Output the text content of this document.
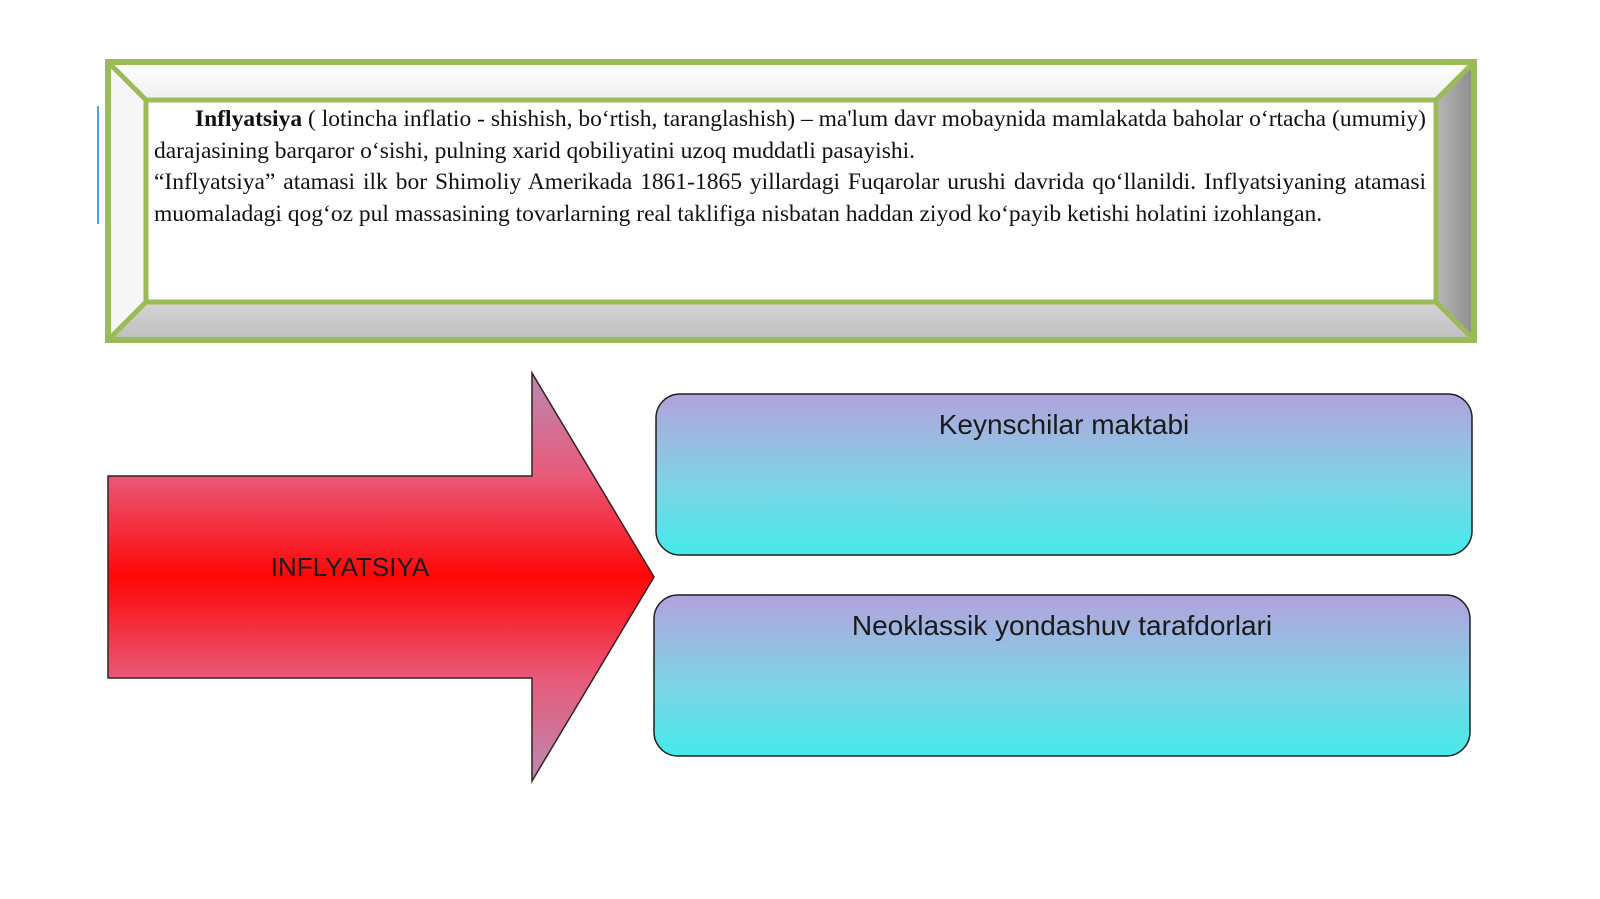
Inflyatsiya ( lotincha inflatio - shishish, bo‘rtish, taranglashish) – ma'lum davr mobaynida mamlakatda baholar o‘rtacha (umumiy) darajasining barqaror o‘sishi, pulning xarid qobiliyatini uzoq muddatli pasayishi.

“Inflyatsiya” atamasi ilk bor Shimoliy Amerikada 1861-1865 yillardagi Fuqarolar urushi davrida qo‘llanildi. Inflyatsiyaning atamasi muomaladagi qog‘oz pul massasining tovarlarning real taklifiga nisbatan haddan ziyod ko‘payib ketishi holatini izohlangan.

INFLYATSIYA
Keynschilar maktabi
Neoklassik yondashuv tarafdorlari
